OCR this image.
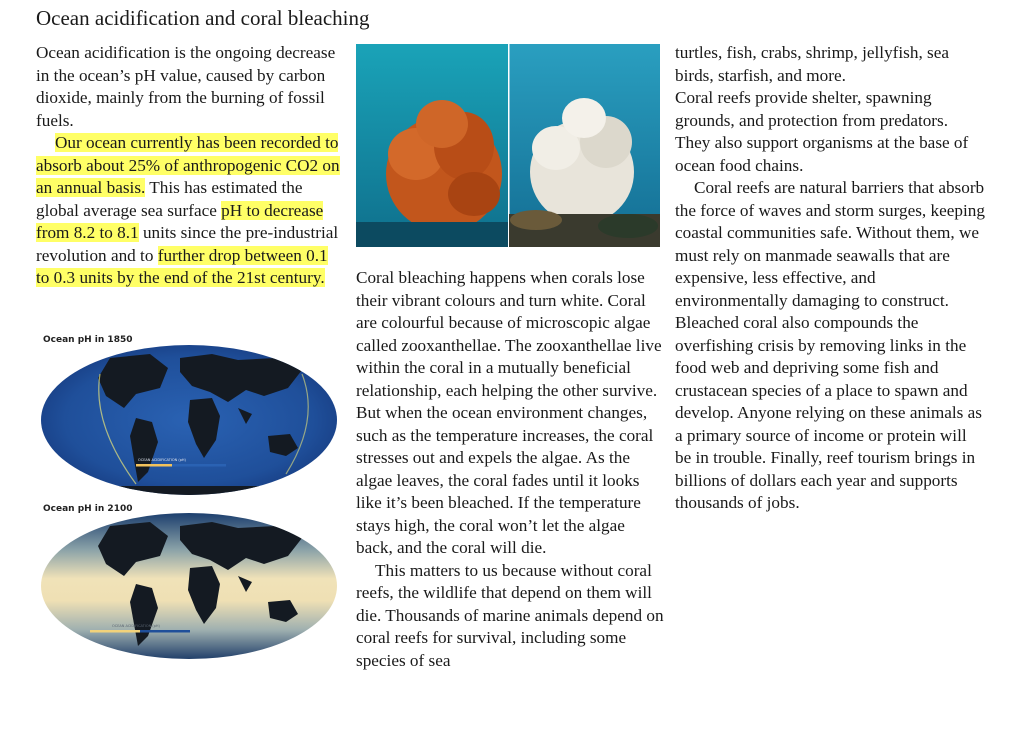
Ocean acidification and coral bleaching

Ocean acidification is the ongoing decrease in the ocean’s pH value, caused by carbon dioxide, mainly from the burning of fossil fuels.

Our ocean currently has been recorded to absorb about 25% of anthropogenic CO2 on an annual basis. This has estimated the global average sea surface pH to decrease from 8.2 to 8.1 units since the pre-industrial revolution and to further drop between 0.1 to 0.3 units by the end of the 21st century.

Ocean pH in 1850
OCEAN ACIDIFICATION (pH)
Ocean pH in 2100
OCEAN ACIDIFICATION (pH)

Coral bleaching happens when corals lose their vibrant colours and turn white. Coral are colourful because of microscopic algae called zooxanthellae. The zooxanthellae live within the coral in a mutually beneficial relationship, each helping the other survive. But when the ocean environment changes, such as the temperature increases, the coral stresses out and expels the algae. As the algae leaves, the coral fades until it looks like it’s been bleached. If the temperature stays high, the coral won’t let the algae back, and the coral will die.

This matters to us because without coral reefs, the wildlife that depend on them will die. Thousands of marine animals depend on coral reefs for survival, including some species of sea

turtles, fish, crabs, shrimp, jellyfish, sea birds, starfish, and more.

Coral reefs provide shelter, spawning grounds, and protection from predators. They also support organisms at the base of ocean food chains.

Coral reefs are natural barriers that absorb the force of waves and storm surges, keeping coastal communities safe. Without them, we must rely on manmade seawalls that are expensive, less effective, and environmentally damaging to construct. Bleached coral also compounds the overfishing crisis by removing links in the food web and depriving some fish and crustacean species of a place to spawn and develop. Anyone relying on these animals as a primary source of income or protein will be in trouble. Finally, reef tourism brings in billions of dollars each year and supports thousands of jobs.
